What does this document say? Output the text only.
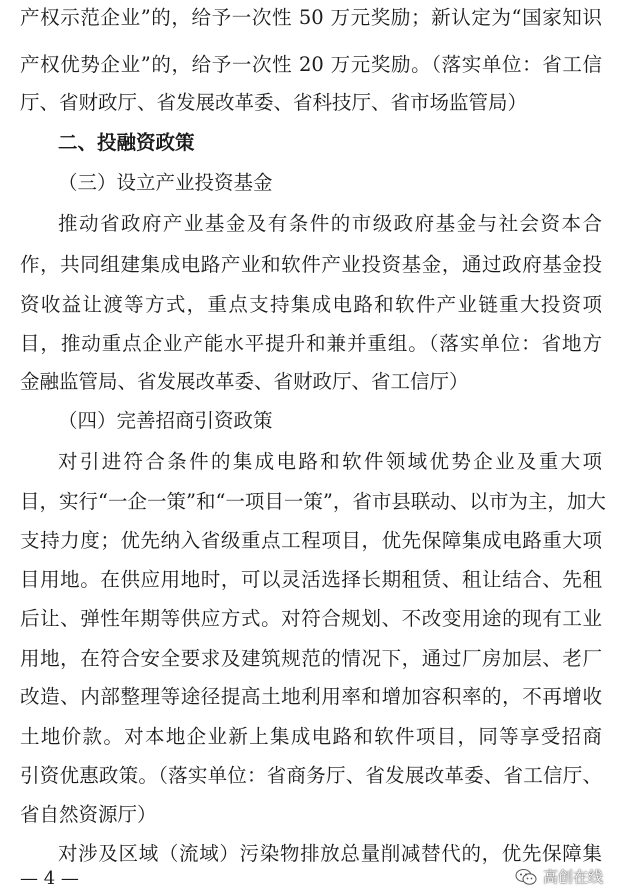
产权示范企业”的，给予一次性 50 万元奖励；新认定为“国家知识
产权优势企业”的，给予一次性 20 万元奖励。（落实单位：省工信
厅、省财政厅、省发展改革委、省科技厅、省市场监管局）
二、投融资政策
（三）设立产业投资基金
推动省政府产业基金及有条件的市级政府基金与社会资本合
作，共同组建集成电路产业和软件产业投资基金，通过政府基金投
资收益让渡等方式，重点支持集成电路和软件产业链重大投资项
目，推动重点企业产能水平提升和兼并重组。（落实单位：省地方
金融监管局、省发展改革委、省财政厅、省工信厅）
（四）完善招商引资政策
对引进符合条件的集成电路和软件领域优势企业及重大项
目，实行“一企一策”和“一项目一策”，省市县联动、以市为主，加大
支持力度；优先纳入省级重点工程项目，优先保障集成电路重大项
目用地。在供应用地时，可以灵活选择长期租赁、租让结合、先租
后让、弹性年期等供应方式。对符合规划、不改变用途的现有工业
用地，在符合安全要求及建筑规范的情况下，通过厂房加层、老厂
改造、内部整理等途径提高土地利用率和增加容积率的，不再增收
土地价款。对本地企业新上集成电路和软件项目，同等享受招商
引资优惠政策。（落实单位：省商务厅、省发展改革委、省工信厅、
省自然资源厅）
对涉及区域（流域）污染物排放总量削减替代的，优先保障集
— 4 —	高创在线
